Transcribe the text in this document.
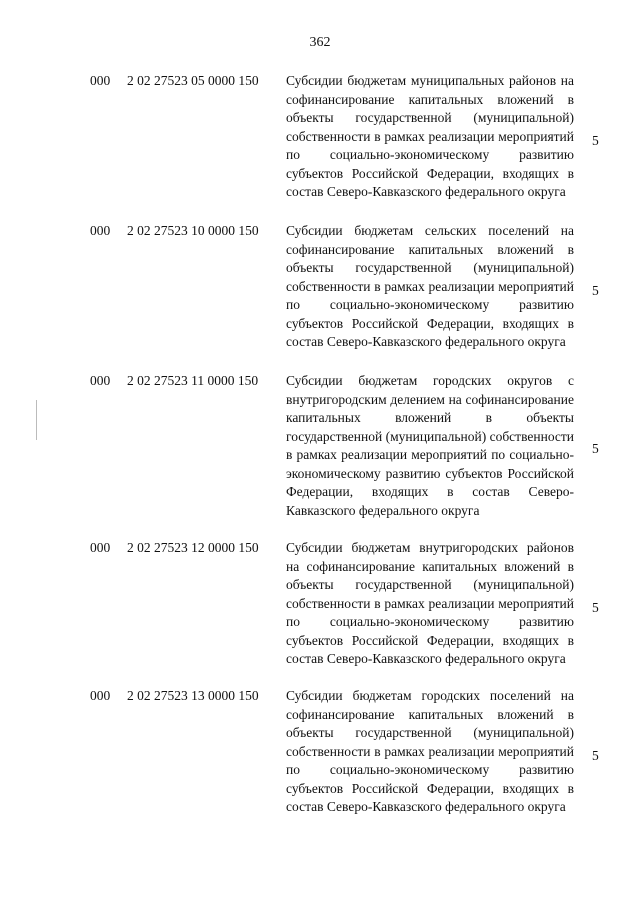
362
000 2 02 27523 05 0000 150 Субсидии бюджетам муниципальных районов на софинансирование капитальных вложений в объекты государственной (муниципальной) собственности в рамках реализации мероприятий по социально-экономическому развитию субъектов Российской Федерации, входящих в состав Северо-Кавказского федерального округа
5
000 2 02 27523 10 0000 150 Субсидии бюджетам сельских поселений на софинансирование капитальных вложений в объекты государственной (муниципальной) собственности в рамках реализации мероприятий по социально-экономическому развитию субъектов Российской Федерации, входящих в состав Северо-Кавказского федерального округа
5
000 2 02 27523 11 0000 150 Субсидии бюджетам городских округов с внутригородским делением на софинансирование капитальных вложений в объекты государственной (муниципальной) собственности в рамках реализации мероприятий по социально-экономическому развитию субъектов Российской Федерации, входящих в состав Северо-Кавказского федерального округа
5
000 2 02 27523 12 0000 150 Субсидии бюджетам внутригородских районов на софинансирование капитальных вложений в объекты государственной (муниципальной) собственности в рамках реализации мероприятий по социально-экономическому развитию субъектов Российской Федерации, входящих в состав Северо-Кавказского федерального округа
5
000 2 02 27523 13 0000 150 Субсидии бюджетам городских поселений на софинансирование капитальных вложений в объекты государственной (муниципальной) собственности в рамках реализации мероприятий по социально-экономическому развитию субъектов Российской Федерации, входящих в состав Северо-Кавказского федерального округа
5
